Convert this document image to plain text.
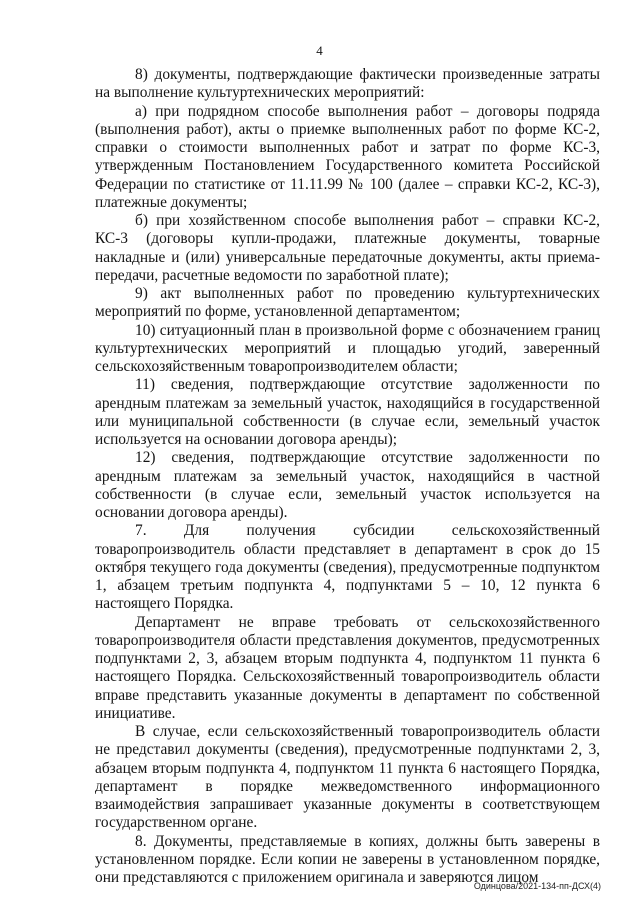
4

8) документы, подтверждающие фактически произведенные затраты на выполнение культуртехнических мероприятий:

а) при подрядном способе выполнения работ – договоры подряда (выполнения работ), акты о приемке выполненных работ по форме КС-2, справки о стоимости выполненных работ и затрат по форме КС-3, утвержденным Постановлением Государственного комитета Российской Федерации по статистике от 11.11.99 № 100 (далее – справки КС-2, КС-3), платежные документы;

б) при хозяйственном способе выполнения работ – справки КС-2, КС-3 (договоры купли-продажи, платежные документы, товарные накладные и (или) универсальные передаточные документы, акты приема-передачи, расчетные ведомости по заработной плате);

9) акт выполненных работ по проведению культуртехнических мероприятий по форме, установленной департаментом;

10) ситуационный план в произвольной форме с обозначением границ культуртехнических мероприятий и площадью угодий, заверенный сельскохозяйственным товаропроизводителем области;

11) сведения, подтверждающие отсутствие задолженности по арендным платежам за земельный участок, находящийся в государственной или муниципальной собственности (в случае если, земельный участок используется на основании договора аренды);

12) сведения, подтверждающие отсутствие задолженности по арендным платежам за земельный участок, находящийся в частной собственности (в случае если, земельный участок используется на основании договора аренды).

7. Для получения субсидии сельскохозяйственный товаропроизводитель области представляет в департамент в срок до 15 октября текущего года документы (сведения), предусмотренные подпунктом 1, абзацем третьим подпункта 4, подпунктами 5 – 10, 12 пункта 6 настоящего Порядка.

Департамент не вправе требовать от сельскохозяйственного товаропроизводителя области представления документов, предусмотренных подпунктами 2, 3, абзацем вторым подпункта 4, подпунктом 11 пункта 6 настоящего Порядка. Сельскохозяйственный товаропроизводитель области вправе представить указанные документы в департамент по собственной инициативе.

В случае, если сельскохозяйственный товаропроизводитель области не представил документы (сведения), предусмотренные подпунктами 2, 3, абзацем вторым подпункта 4, подпунктом 11 пункта 6 настоящего Порядка, департамент в порядке межведомственного информационного взаимодействия запрашивает указанные документы в соответствующем государственном органе.

8. Документы, представляемые в копиях, должны быть заверены в установленном порядке. Если копии не заверены в установленном порядке, они представляются с приложением оригинала и заверяются лицом

Одинцова/2021-134-пп-ДСХ(4)
